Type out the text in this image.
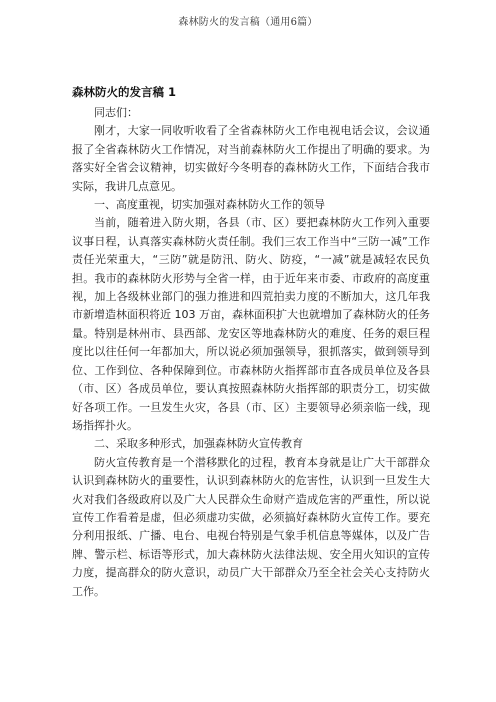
森林防火的发言稿（通用6篇）
森林防火的发言稿 1

同志们：

刚才，大家一同收听收看了全省森林防火工作电视电话会议，会议通报了全省森林防火工作情况，对当前森林防火工作提出了明确的要求。为落实好全省会议精神，切实做好今冬明春的森林防火工作，下面结合我市实际，我讲几点意见。

一、高度重视，切实加强对森林防火工作的领导

当前，随着进入防火期，各县（市、区）要把森林防火工作列入重要议事日程，认真落实森林防火责任制。我们三农工作当中“三防一减”工作责任光荣重大，“三防”就是防汛、防火、防疫，“一减”就是减轻农民负担。我市的森林防火形势与全省一样，由于近年来市委、市政府的高度重视，加上各级林业部门的强力推进和四荒拍卖力度的不断加大，这几年我市新增造林面积将近 103 万亩，森林面积扩大也就增加了森林防火的任务量。特别是林州市、县西部、龙安区等地森林防火的难度、任务的艰巨程度比以往任何一年都加大，所以说必须加强领导，狠抓落实，做到领导到位、工作到位、各种保障到位。市森林防火指挥部市直各成员单位及各县（市、区）各成员单位，要认真按照森林防火指挥部的职责分工，切实做好各项工作。一旦发生火灾，各县（市、区）主要领导必须亲临一线，现场指挥扑火。

二、采取多种形式，加强森林防火宣传教育

防火宣传教育是一个潜移默化的过程，教育本身就是让广大干部群众认识到森林防火的重要性，认识到森林防火的危害性，认识到一旦发生大火对我们各级政府以及广大人民群众生命财产造成危害的严重性，所以说宣传工作看着是虚，但必须虚功实做，必须搞好森林防火宣传工作。要充分利用报纸、广播、电台、电视台特别是气象手机信息等媒体，以及广告牌、警示栏、标语等形式，加大森林防火法律法规、安全用火知识的宣传力度，提高群众的防火意识，动员广大干部群众乃至全社会关心支持防火工作。
